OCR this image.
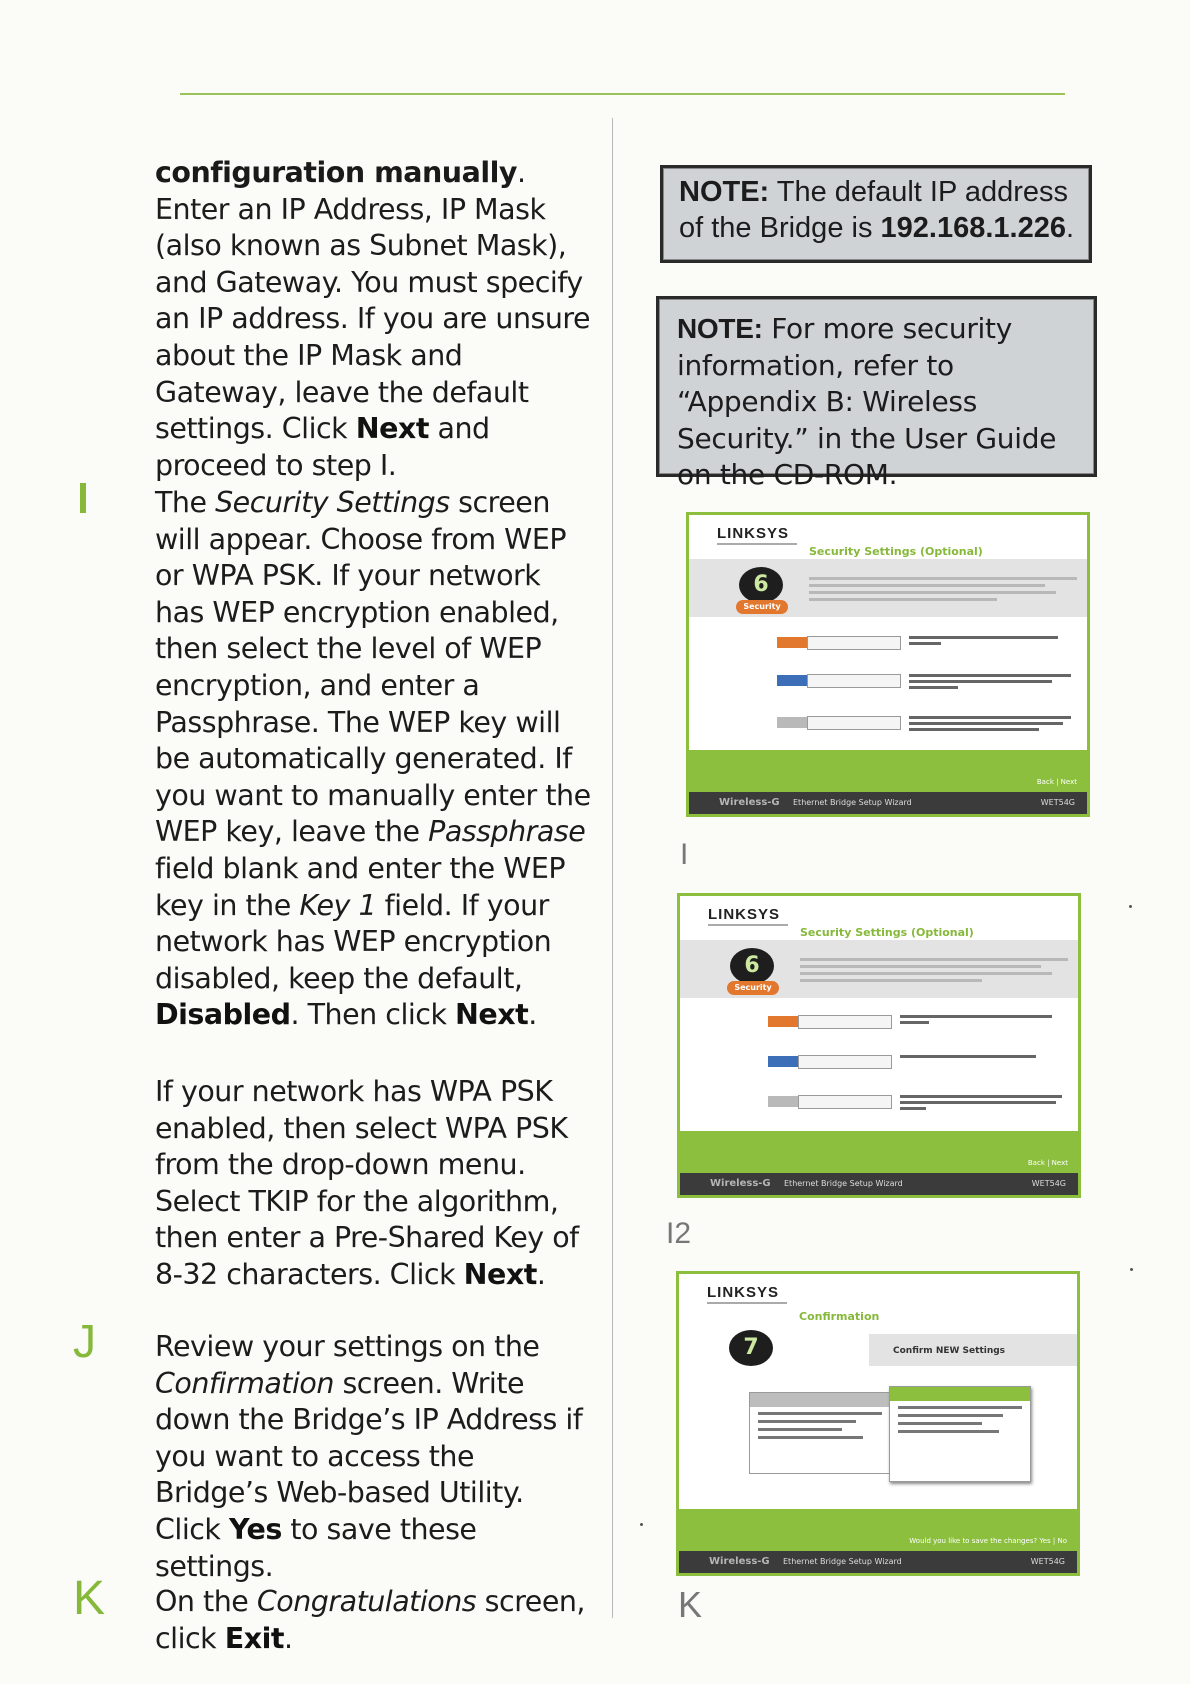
configuration manually. Enter an IP Address, IP Mask (also known as Subnet Mask), and Gateway. You must specify an IP address. If you are unsure about the IP Mask and Gateway, leave the default settings. Click Next and proceed to step I.

The Security Settings screen will appear. Choose from WEP or WPA PSK. If your network has WEP encryption enabled, then select the level of WEP encryption, and enter a Passphrase. The WEP key will be automatically generated. If you want to manually enter the WEP key, leave the Passphrase field blank and enter the WEP key in the Key 1 field. If your network has WEP encryption disabled, keep the default, Disabled. Then click Next.

If your network has WPA PSK enabled, then select WPA PSK from the drop-down menu. Select TKIP for the algorithm, then enter a Pre-Shared Key of 8-32 characters. Click Next.

J Review your settings on the Confirmation screen. Write down the Bridge’s IP Address if you want to access the Bridge’s Web-based Utility. Click Yes to save these settings.

K On the Congratulations screen, click Exit.

NOTE: The default IP address of the Bridge is 192.168.1.226.
NOTE: For more security information, refer to “Appendix B: Wireless Security.” in the User Guide on the CD-ROM.
LINKSYS
Security Settings (Optional)
6
Security
Back | Next
Wireless-G Ethernet Bridge Setup Wizard	WET54G
I
LINKSYS
Security Settings (Optional)
6
Security
Back | Next
Wireless-G Ethernet Bridge Setup Wizard	WET54G
I2
LINKSYS
Confirmation
7	Confirm NEW Settings
Would you like to save the changes? Yes | No
Wireless-G Ethernet Bridge Setup Wizard	WET54G
K
